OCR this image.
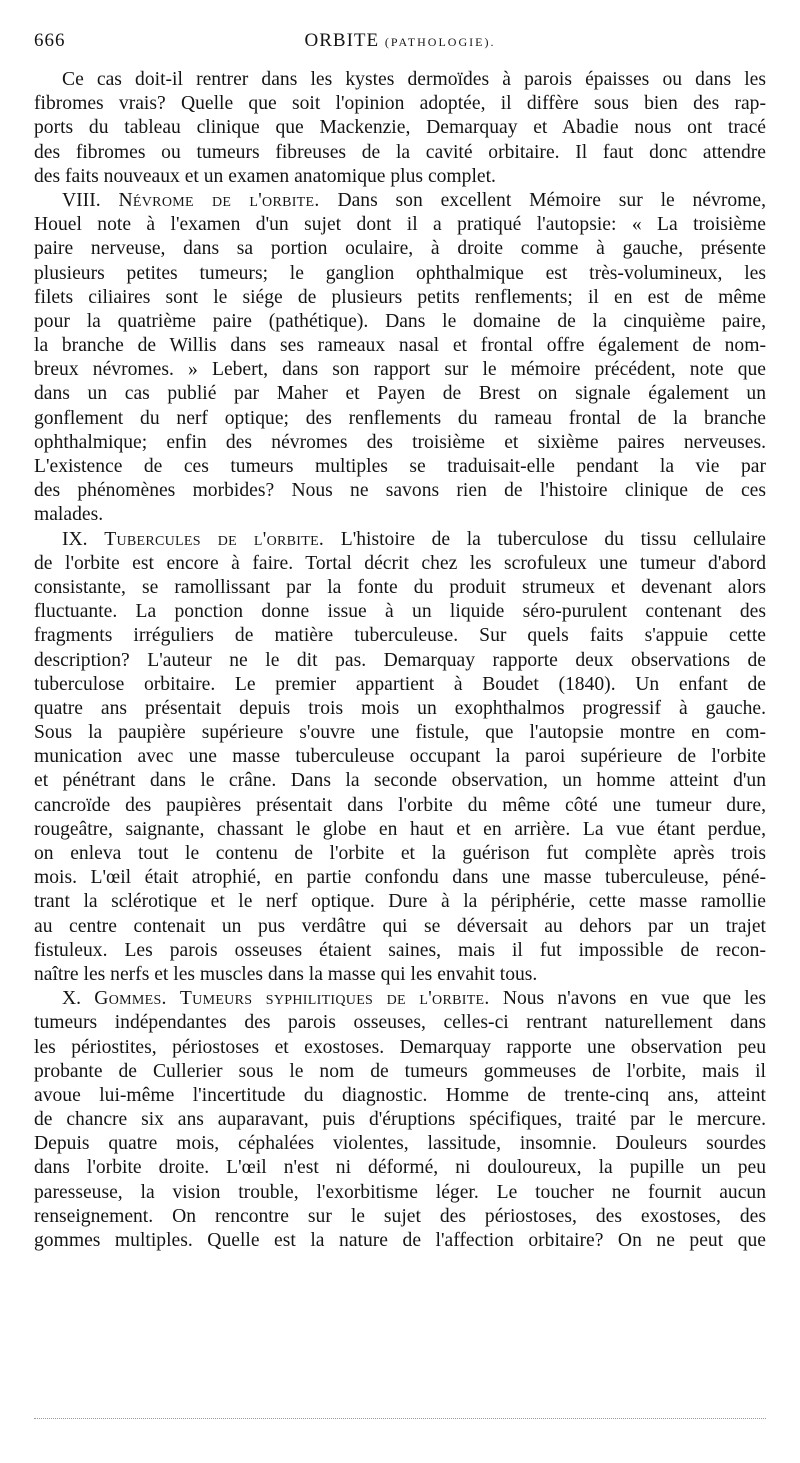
666	ORBITE (PATHOLOGIE).
Ce cas doit-il rentrer dans les kystes dermoïdes à parois épaisses ou dans les
fibromes vrais? Quelle que soit l'opinion adoptée, il diffère sous bien des rap-
ports du tableau clinique que Mackenzie, Demarquay et Abadie nous ont tracé
des fibromes ou tumeurs fibreuses de la cavité orbitaire. Il faut donc attendre
des faits nouveaux et un examen anatomique plus complet.
VIII. Névrome de l'orbite. Dans son excellent Mémoire sur le névrome,
Houel note à l'examen d'un sujet dont il a pratiqué l'autopsie: « La troisième
paire nerveuse, dans sa portion oculaire, à droite comme à gauche, présente
plusieurs petites tumeurs; le ganglion ophthalmique est très-volumineux, les
filets ciliaires sont le siége de plusieurs petits renflements; il en est de même
pour la quatrième paire (pathétique). Dans le domaine de la cinquième paire,
la branche de Willis dans ses rameaux nasal et frontal offre également de nom-
breux névromes. » Lebert, dans son rapport sur le mémoire précédent, note que
dans un cas publié par Maher et Payen de Brest on signale également un
gonflement du nerf optique; des renflements du rameau frontal de la branche
ophthalmique; enfin des névromes des troisième et sixième paires nerveuses.
L'existence de ces tumeurs multiples se traduisait-elle pendant la vie par
des phénomènes morbides? Nous ne savons rien de l'histoire clinique de ces
malades.
IX. Tubercules de l'orbite. L'histoire de la tuberculose du tissu cellulaire
de l'orbite est encore à faire. Tortal décrit chez les scrofuleux une tumeur d'abord
consistante, se ramollissant par la fonte du produit strumeux et devenant alors
fluctuante. La ponction donne issue à un liquide séro-purulent contenant des
fragments irréguliers de matière tuberculeuse. Sur quels faits s'appuie cette
description? L'auteur ne le dit pas. Demarquay rapporte deux observations de
tuberculose orbitaire. Le premier appartient à Boudet (1840). Un enfant de
quatre ans présentait depuis trois mois un exophthalmos progressif à gauche.
Sous la paupière supérieure s'ouvre une fistule, que l'autopsie montre en com-
munication avec une masse tuberculeuse occupant la paroi supérieure de l'orbite
et pénétrant dans le crâne. Dans la seconde observation, un homme atteint d'un
cancroïde des paupières présentait dans l'orbite du même côté une tumeur dure,
rougeâtre, saignante, chassant le globe en haut et en arrière. La vue étant perdue,
on enleva tout le contenu de l'orbite et la guérison fut complète après trois
mois. L'œil était atrophié, en partie confondu dans une masse tuberculeuse, péné-
trant la sclérotique et le nerf optique. Dure à la périphérie, cette masse ramollie
au centre contenait un pus verdâtre qui se déversait au dehors par un trajet
fistuleux. Les parois osseuses étaient saines, mais il fut impossible de recon-
naître les nerfs et les muscles dans la masse qui les envahit tous.
X. Gommes. Tumeurs syphilitiques de l'orbite. Nous n'avons en vue que les
tumeurs indépendantes des parois osseuses, celles-ci rentrant naturellement dans
les périostites, périostoses et exostoses. Demarquay rapporte une observation peu
probante de Cullerier sous le nom de tumeurs gommeuses de l'orbite, mais il
avoue lui-même l'incertitude du diagnostic. Homme de trente-cinq ans, atteint
de chancre six ans auparavant, puis d'éruptions spécifiques, traité par le mercure.
Depuis quatre mois, céphalées violentes, lassitude, insomnie. Douleurs sourdes
dans l'orbite droite. L'œil n'est ni déformé, ni douloureux, la pupille un peu
paresseuse, la vision trouble, l'exorbitisme léger. Le toucher ne fournit aucun
renseignement. On rencontre sur le sujet des périostoses, des exostoses, des
gommes multiples. Quelle est la nature de l'affection orbitaire? On ne peut que
